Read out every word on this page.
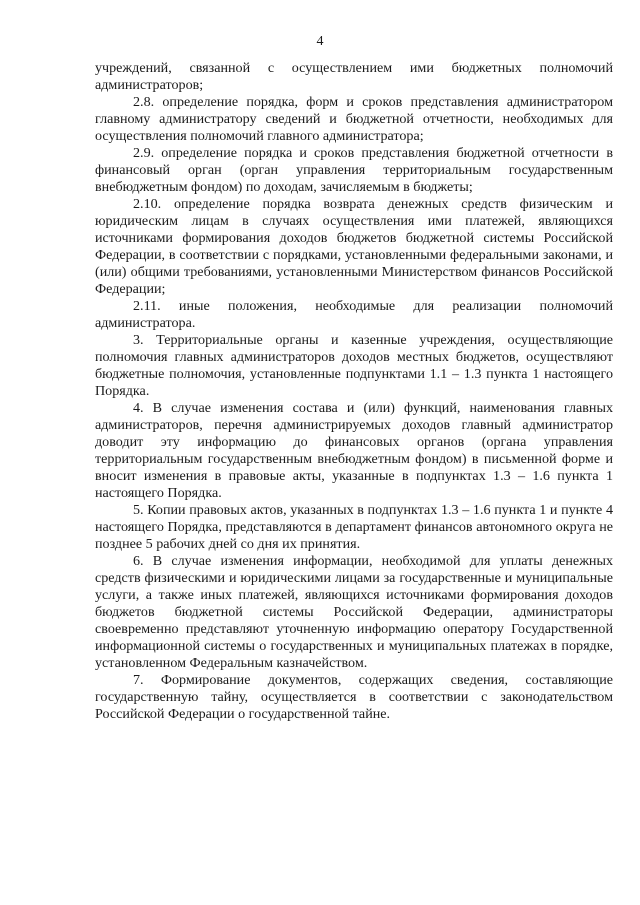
4

учреждений, связанной с осуществлением ими бюджетных полномочий администраторов;

2.8. определение порядка, форм и сроков представления администратором главному администратору сведений и бюджетной отчетности, необходимых для осуществления полномочий главного администратора;

2.9. определение порядка и сроков представления бюджетной отчетности в финансовый орган (орган управления территориальным государственным внебюджетным фондом) по доходам, зачисляемым в бюджеты;

2.10. определение порядка возврата денежных средств физическим и юридическим лицам в случаях осуществления ими платежей, являющихся источниками формирования доходов бюджетов бюджетной системы Российской Федерации, в соответствии с порядками, установленными федеральными законами, и (или) общими требованиями, установленными Министерством финансов Российской Федерации;

2.11. иные положения, необходимые для реализации полномочий администратора.

3. Территориальные органы и казенные учреждения, осуществляющие полномочия главных администраторов доходов местных бюджетов, осуществляют бюджетные полномочия, установленные подпунктами 1.1 – 1.3 пункта 1 настоящего Порядка.

4. В случае изменения состава и (или) функций, наименования главных администраторов, перечня администрируемых доходов главный администратор доводит эту информацию до финансовых органов (органа управления территориальным государственным внебюджетным фондом) в письменной форме и вносит изменения в правовые акты, указанные в подпунктах 1.3 – 1.6 пункта 1 настоящего Порядка.

5. Копии правовых актов, указанных в подпунктах 1.3 – 1.6 пункта 1 и пункте 4 настоящего Порядка, представляются в департамент финансов автономного округа не позднее 5 рабочих дней со дня их принятия.

6. В случае изменения информации, необходимой для уплаты денежных средств физическими и юридическими лицами за государственные и муниципальные услуги, а также иных платежей, являющихся источниками формирования доходов бюджетов бюджетной системы Российской Федерации, администраторы своевременно представляют уточненную информацию оператору Государственной информационной системы о государственных и муниципальных платежах в порядке, установленном Федеральным казначейством.

7. Формирование документов, содержащих сведения, составляющие государственную тайну, осуществляется в соответствии с законодательством Российской Федерации о государственной тайне.
